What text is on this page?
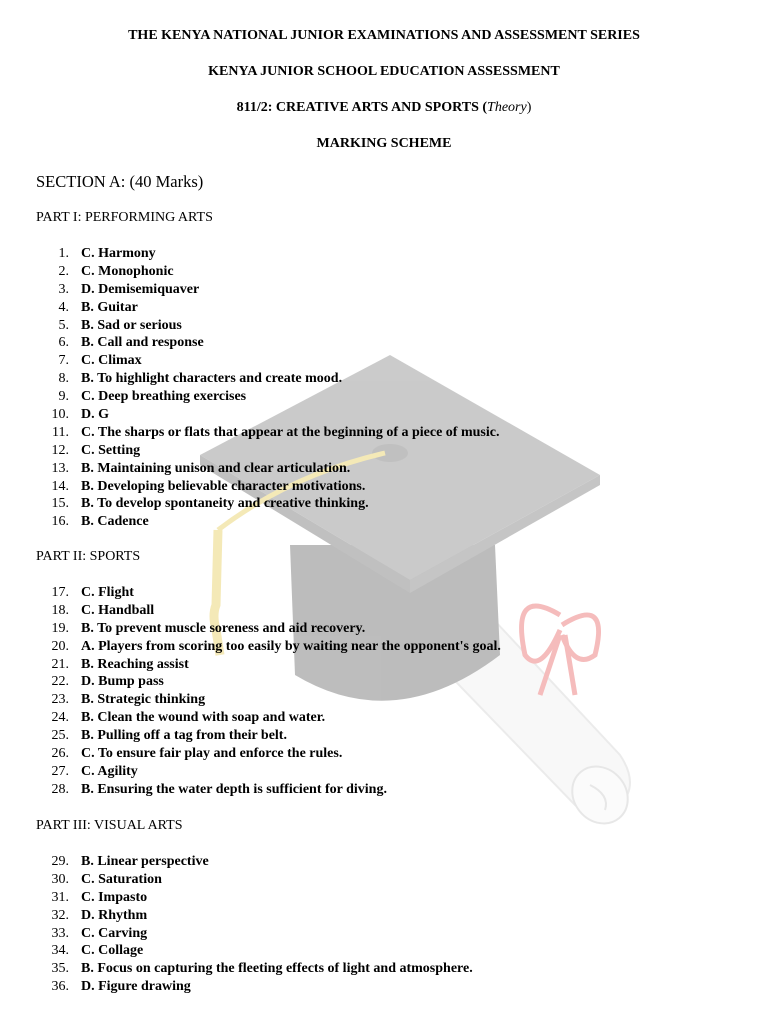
THE KENYA NATIONAL JUNIOR EXAMINATIONS AND ASSESSMENT SERIES
KENYA JUNIOR SCHOOL EDUCATION ASSESSMENT
811/2: CREATIVE ARTS AND SPORTS (Theory)
MARKING SCHEME
SECTION A: (40 Marks)
PART I: PERFORMING ARTS
1. C. Harmony
2. C. Monophonic
3. D. Demisemiquaver
4. B. Guitar
5. B. Sad or serious
6. B. Call and response
7. C. Climax
8. B. To highlight characters and create mood.
9. C. Deep breathing exercises
10. D. G
11. C. The sharps or flats that appear at the beginning of a piece of music.
12. C. Setting
13. B. Maintaining unison and clear articulation.
14. B. Developing believable character motivations.
15. B. To develop spontaneity and creative thinking.
16. B. Cadence
PART II: SPORTS
17. C. Flight
18. C. Handball
19. B. To prevent muscle soreness and aid recovery.
20. A. Players from scoring too easily by waiting near the opponent's goal.
21. B. Reaching assist
22. D. Bump pass
23. B. Strategic thinking
24. B. Clean the wound with soap and water.
25. B. Pulling off a tag from their belt.
26. C. To ensure fair play and enforce the rules.
27. C. Agility
28. B. Ensuring the water depth is sufficient for diving.
PART III: VISUAL ARTS
29. B. Linear perspective
30. C. Saturation
31. C. Impasto
32. D. Rhythm
33. C. Carving
34. C. Collage
35. B. Focus on capturing the fleeting effects of light and atmosphere.
36. D. Figure drawing
